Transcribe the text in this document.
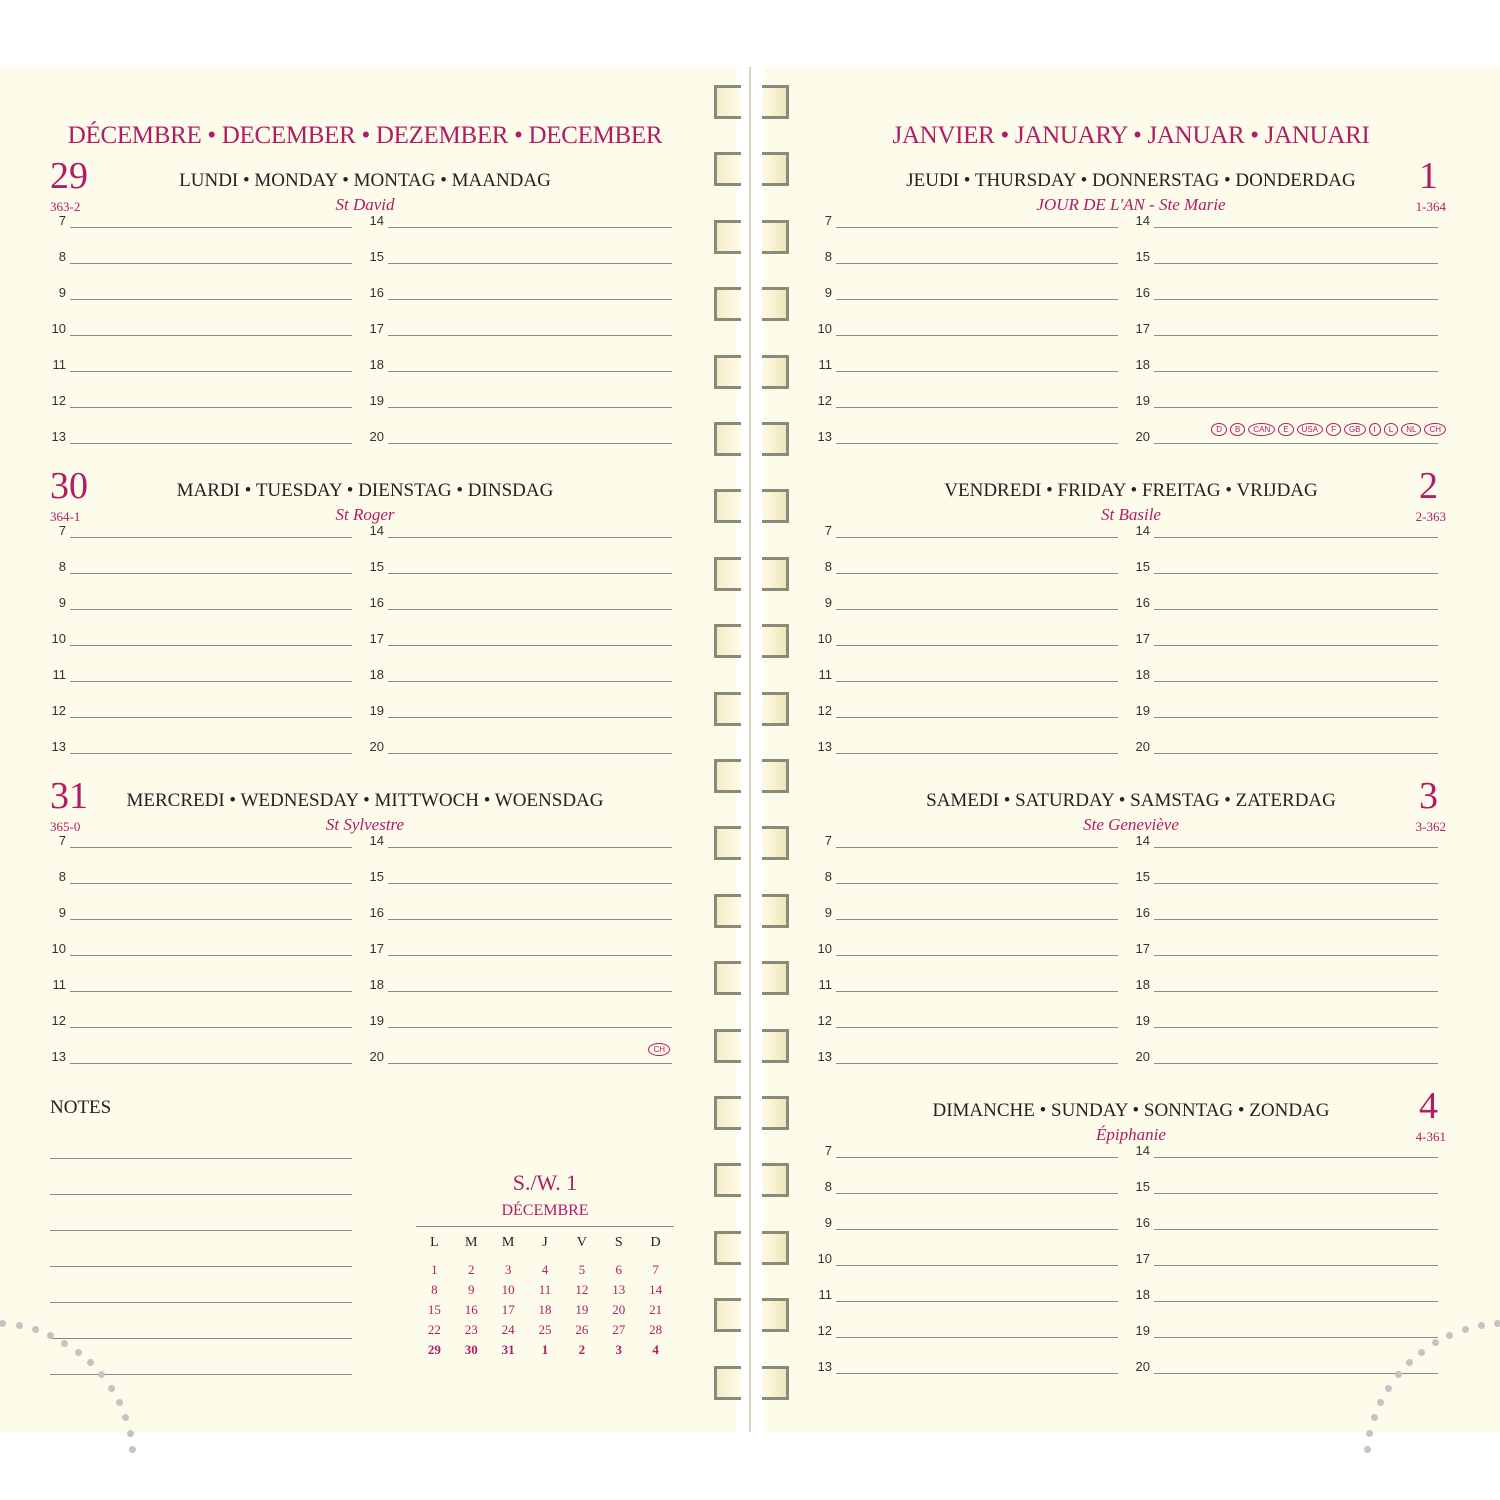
DÉCEMBRE • DECEMBER • DEZEMBER • DECEMBER	JANVIER • JANUARY • JANUAR • JANUARI
29	LUNDI • MONDAY • MONTAG • MAANDAG
St David
363-2
7	14
8	15
9	16
10	17
11	18
12	19
13	20
30	MARDI • TUESDAY • DIENSTAG • DINSDAG
St Roger
364-1
7	14
8	15
9	16
10	17
11	18
12	19
13	20
31	MERCREDI • WEDNESDAY • MITTWOCH • WOENSDAG
St Sylvestre
365-0
7	14
8	15
9	16
10	17
11	18
12	19
13	20	CH
1
JEUDI • THURSDAY • DONNERSTAG • DONDERDAG
JOUR DE L'AN - Ste Marie	1-364
7	14
8	15
9	16
10	17
11	18
12	19
13	20	D	B	CAN	E	USA	F	GB	I	L	NL	CH
2
VENDREDI • FRIDAY • FREITAG • VRIJDAG
St Basile	2-363
7	14
8	15
9	16
10	17
11	18
12	19
13	20
3
SAMEDI • SATURDAY • SAMSTAG • ZATERDAG
Ste Geneviève	3-362
7	14
8	15
9	16
10	17
11	18
12	19
13	20
4
DIMANCHE • SUNDAY • SONNTAG • ZONDAG
Épiphanie	4-361
7	14
8	15
9	16
10	17
11	18
12	19
13	20
NOTES
S./W. 1
DÉCEMBRE
L	M	M	J	V	S	D
1	2	3	4	5	6	7
8	9	10	11	12	13	14
15	16	17	18	19	20	21
22	23	24	25	26	27	28
29	30	31	1	2	3	4
